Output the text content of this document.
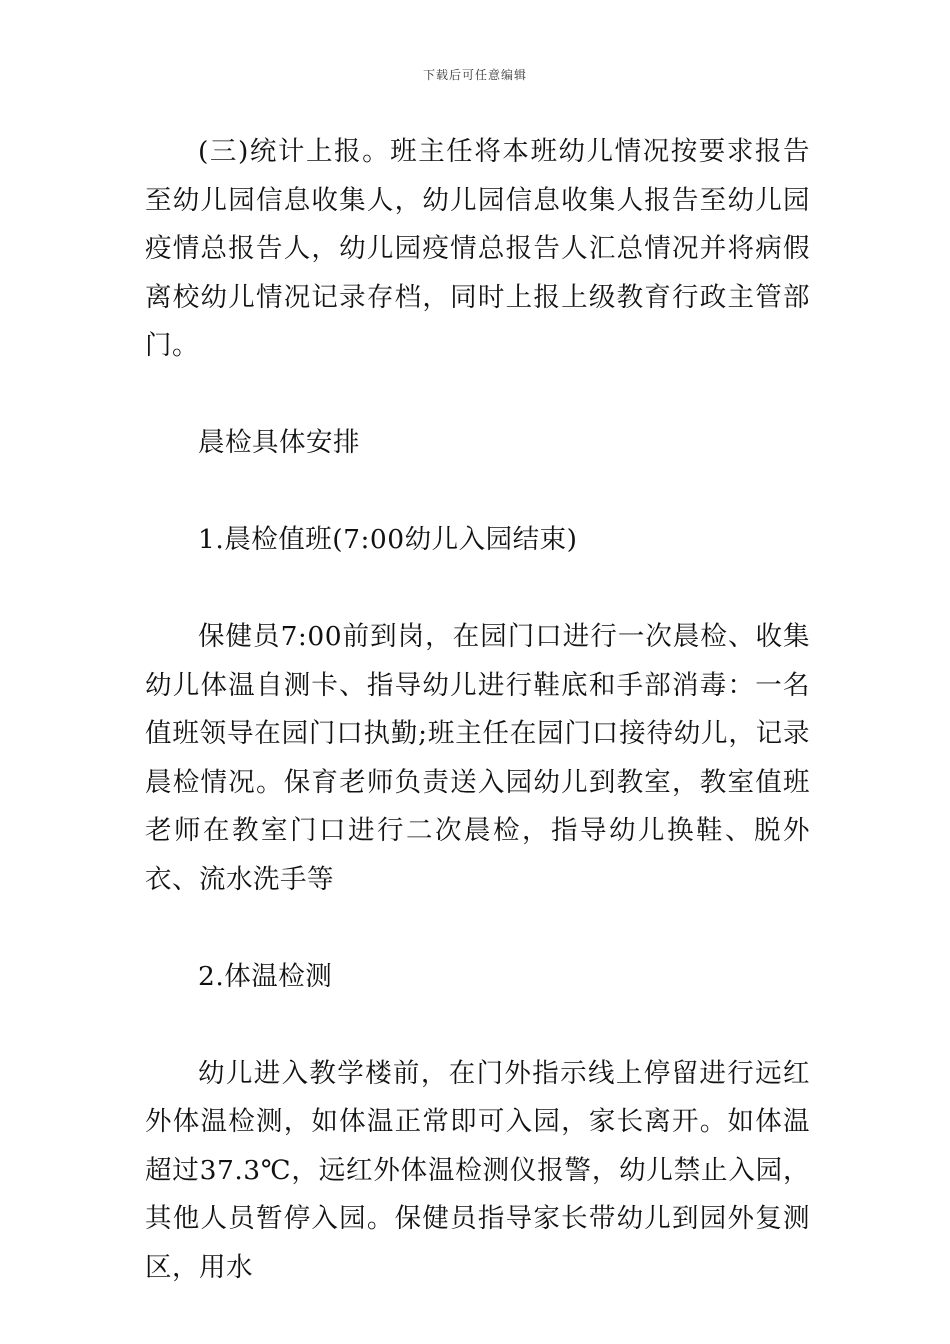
下载后可任意编辑

(三)统计上报。班主任将本班幼儿情况按要求报告至幼儿园信息收集人，幼儿园信息收集人报告至幼儿园疫情总报告人，幼儿园疫情总报告人汇总情况并将病假离校幼儿情况记录存档，同时上报上级教育行政主管部门。

晨检具体安排

1.晨检值班(7:00幼儿入园结束)

保健员7:00前到岗，在园门口进行一次晨检、收集幼儿体温自测卡、指导幼儿进行鞋底和手部消毒：一名值班领导在园门口执勤;班主任在园门口接待幼儿，记录晨检情况。保育老师负责送入园幼儿到教室，教室值班老师在教室门口进行二次晨检，指导幼儿换鞋、脱外衣、流水洗手等

2.体温检测

幼儿进入教学楼前，在门外指示线上停留进行远红外体温检测，如体温正常即可入园，家长离开。如体温超过37.3℃，远红外体温检测仪报警，幼儿禁止入园，其他人员暂停入园。保健员指导家长带幼儿到园外复测区，用水
